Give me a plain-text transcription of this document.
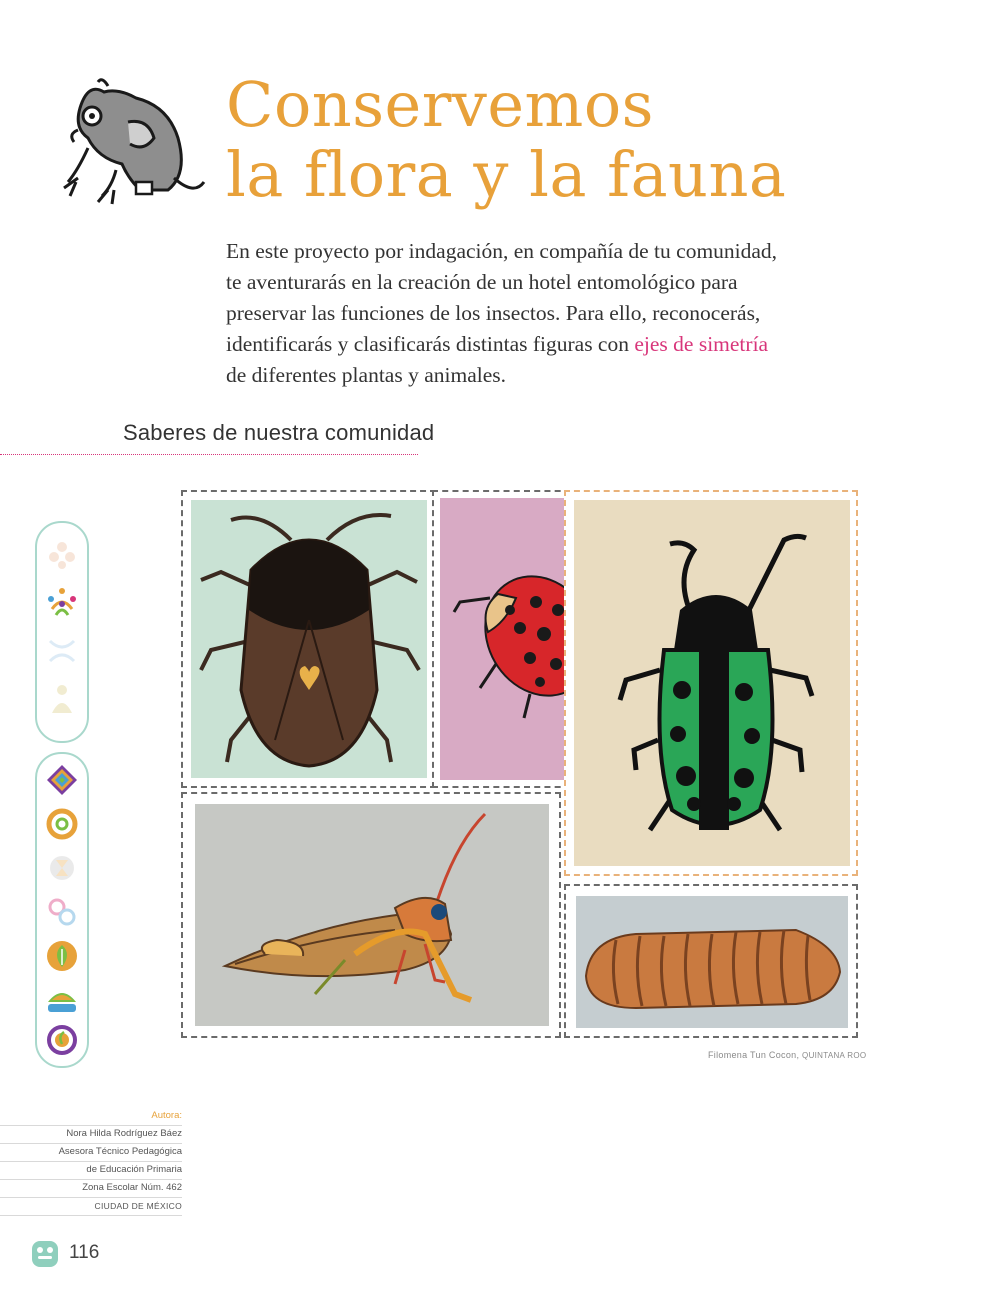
Conservemos
la flora y la fauna

En este proyecto por indagación, en compañía de tu comunidad, te aventurarás en la creación de un hotel entomológico para preservar las funciones de los insectos. Para ello, reconocerás, identificarás y clasificarás distintas figuras con ejes de simetría de diferentes plantas y animales.

Saberes de nuestra comunidad

Filomena Tun Cocon, QUINTANA ROO

Autora:
Nora Hilda Rodríguez Báez
Asesora Técnico Pedagógica
de Educación Primaria
Zona Escolar Núm. 462
CIUDAD DE MÉXICO

116
